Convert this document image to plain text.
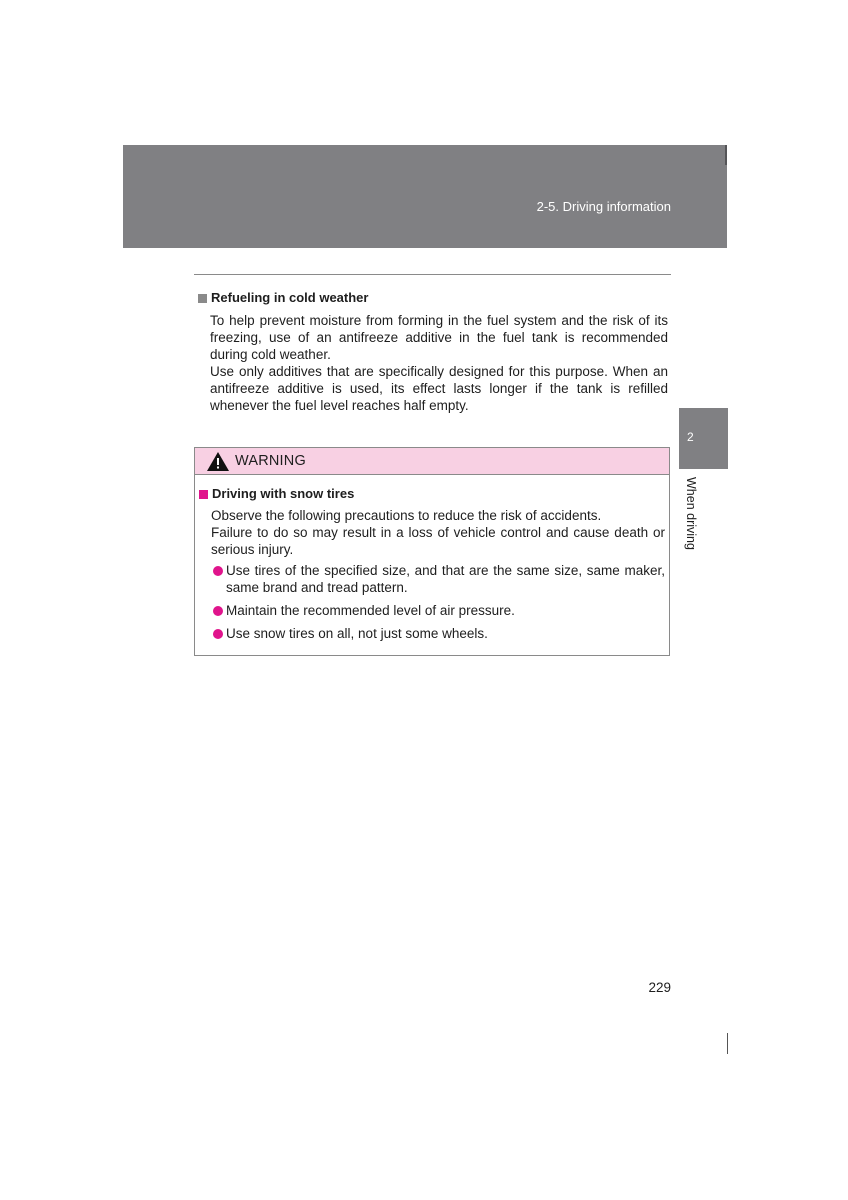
2-5. Driving information
Refueling in cold weather

To help prevent moisture from forming in the fuel system and the risk of its freezing, use of an antifreeze additive in the fuel tank is recommended during cold weather.

Use only additives that are specifically designed for this purpose. When an antifreeze additive is used, its effect lasts longer if the tank is refilled whenever the fuel level reaches half empty.

WARNING
Driving with snow tires

Observe the following precautions to reduce the risk of accidents.

Failure to do so may result in a loss of vehicle control and cause death or serious injury.

Use tires of the specified size, and that are the same size, same maker, same brand and tread pattern.
Maintain the recommended level of air pressure.
Use snow tires on all, not just some wheels.
2
When driving
229
